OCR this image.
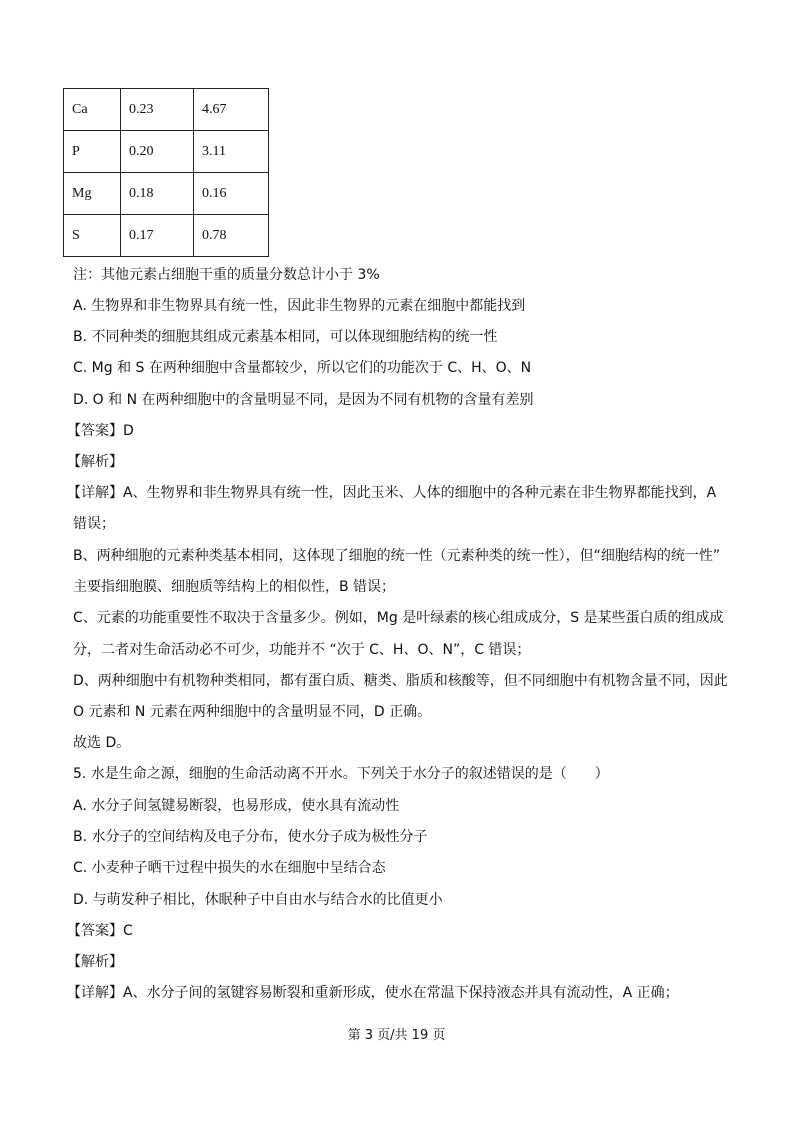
Ca	0.23	4.67
P	0.20	3.11
Mg	0.18	0.16
S	0.17	0.78
注：其他元素占细胞干重的质量分数总计小于 3%
A. 生物界和非生物界具有统一性，因此非生物界的元素在细胞中都能找到
B. 不同种类的细胞其组成元素基本相同，可以体现细胞结构的统一性
C. Mg 和 S 在两种细胞中含量都较少，所以它们的功能次于 C、H、O、N
D. O 和 N 在两种细胞中的含量明显不同，是因为不同有机物的含量有差别
【答案】D
【解析】
【详解】A、生物界和非生物界具有统一性，因此玉米、人体的细胞中的各种元素在非生物界都能找到，A
错误；
B、两种细胞的元素种类基本相同，这体现了细胞的统一性（元素种类的统一性），但“细胞结构的统一性”
主要指细胞膜、细胞质等结构上的相似性，B 错误；
C、元素的功能重要性不取决于含量多少。例如，Mg 是叶绿素的核心组成成分，S 是某些蛋白质的组成成
分，二者对生命活动必不可少，功能并不 “次于 C、H、O、N”，C 错误；
D、两种细胞中有机物种类相同，都有蛋白质、糖类、脂质和核酸等，但不同细胞中有机物含量不同，因此
O 元素和 N 元素在两种细胞中的含量明显不同，D 正确。
故选 D。
5. 水是生命之源，细胞的生命活动离不开水。下列关于水分子的叙述错误的是（　　）
A. 水分子间氢键易断裂，也易形成，使水具有流动性
B. 水分子的空间结构及电子分布，使水分子成为极性分子
C. 小麦种子晒干过程中损失的水在细胞中呈结合态
D. 与萌发种子相比，休眠种子中自由水与结合水的比值更小
【答案】C
【解析】
【详解】A、水分子间的氢键容易断裂和重新形成，使水在常温下保持液态并具有流动性，A 正确；
第 3 页/共 19 页
